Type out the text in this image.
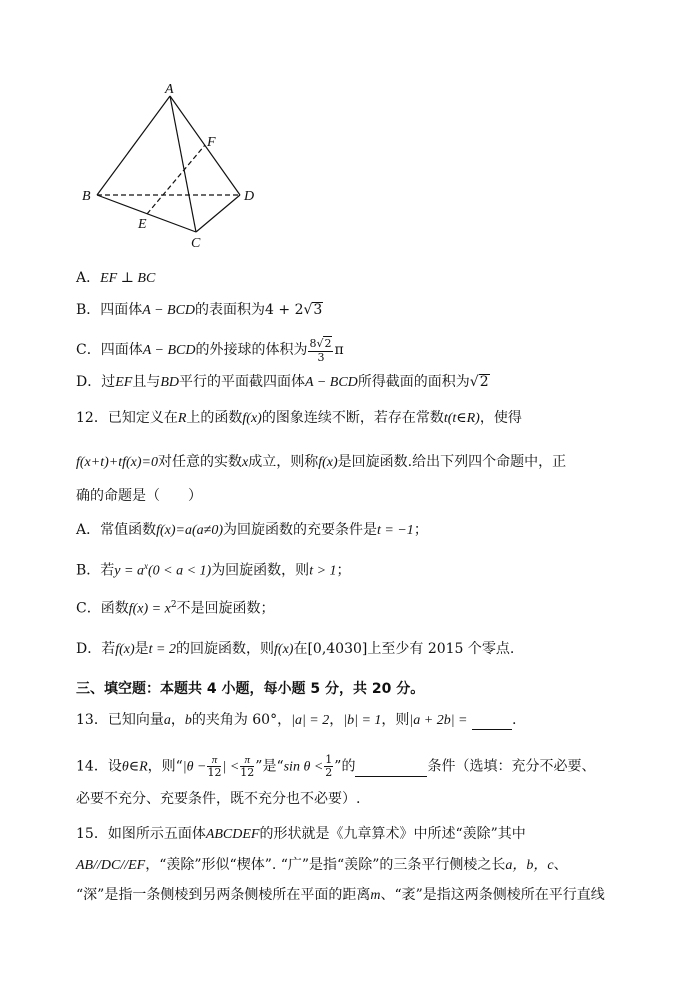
A
B
C
D
E
F
A．EF ⊥ BC
B．四面体A − BCD的表面积为4 + 2√3
C．四面体A − BCD的外接球的体积为 $\frac{8√2}{3}$ π
D．过EF且与BD平行的平面截四面体A − BCD所得截面的面积为√2
12．已知定义在R上的函数f(x)的图象连续不断，若存在常数t(t∈R)，使得
f(x+t)+tf(x)=0对任意的实数x成立，则称f(x)是回旋函数.给出下列四个命题中，正
确的命题是（　　）
A．常值函数f(x)=a(a≠0)为回旋函数的充要条件是t = −1；
B．若$y = a^x(0 < a < 1)$为回旋函数，则t > 1；
C．函数$f(x) = x^2$不是回旋函数；
D．若f(x)是t = 2的回旋函数，则f(x)在[0,4030]上至少有 2015 个零点.
三、填空题：本题共 4 小题，每小题 5 分，共 20 分。
13．已知向量a，b的夹角为 60°，|a| = 2，|b| = 1，则|a + 2b| =	.
14．设θ∈R，则“$|\theta - \frac{\pi}{12}$ | < $\frac{\pi}{12}$ ”是“sin $\theta < \frac{1}{2}$ ”的	条件（选填：充分不必要、
必要不充分、充要条件，既不充分也不必要）.
15．如图所示五面体ABCDEF的形状就是《九章算术》中所述“羡除”其中
AB//DC//EF，“羡除”形似“楔体”. “广”是指“羡除”的三条平行侧棱之长a，b，c、
“深”是指一条侧棱到另两条侧棱所在平面的距离m、“袤”是指这两条侧棱所在平行直线
